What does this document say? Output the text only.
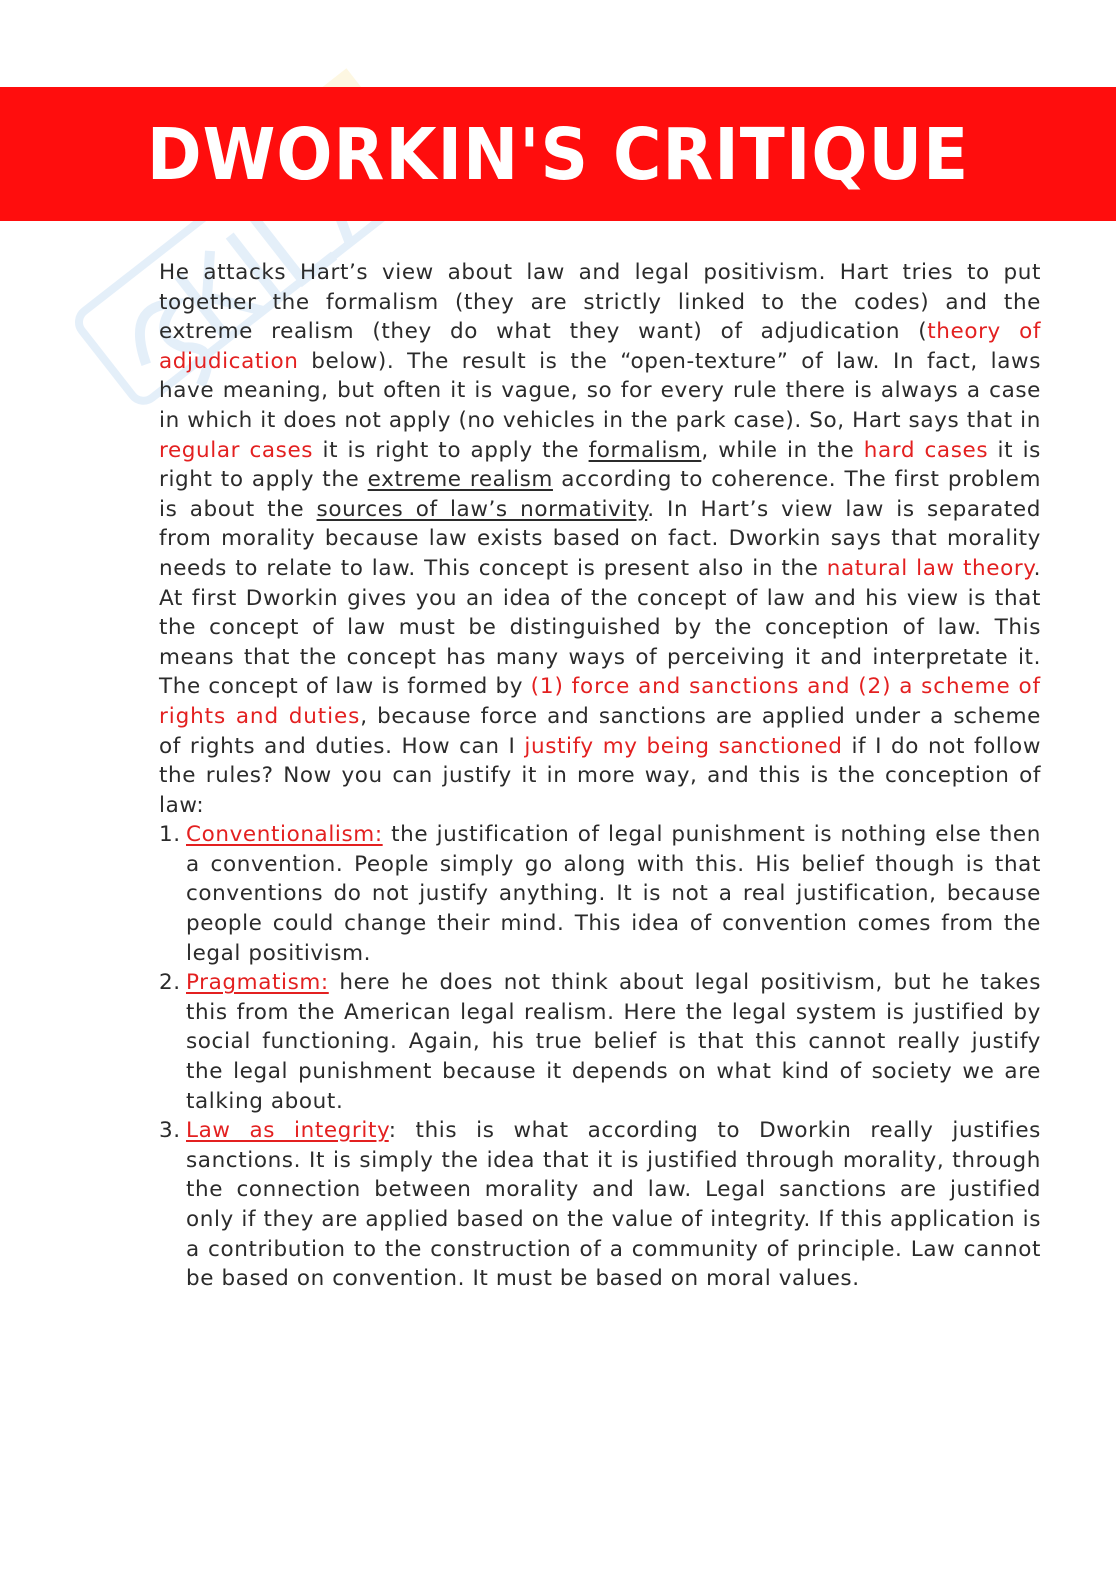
DWORKIN'S CRITIQUE

He attacks Hart’s view about law and legal positivism. Hart tries to put together the formalism (they are strictly linked to the codes) and the extreme realism (they do what they want) of adjudication (theory of adjudication below). The result is the “open-texture” of law. In fact, laws have meaning, but often it is vague, so for every rule there is always a case in which it does not apply (no vehicles in the park case). So, Hart says that in regular cases it is right to apply the formalism, while in the hard cases it is right to apply the extreme realism according to coherence. The first problem is about the sources of law’s normativity. In Hart’s view law is separated from morality because law exists based on fact. Dworkin says that morality needs to relate to law. This concept is present also in the natural law theory. At first Dworkin gives you an idea of the concept of law and his view is that the concept of law must be distinguished by the conception of law. This means that the concept has many ways of perceiving it and interpretate it. The concept of law is formed by (1) force and sanctions and (2) a scheme of rights and duties, because force and sanctions are applied under a scheme of rights and duties. How can I justify my being sanctioned if I do not follow the rules? Now you can justify it in more way, and this is the conception of law:

1. Conventionalism: the justification of legal punishment is nothing else then a convention. People simply go along with this. His belief though is that conventions do not justify anything. It is not a real justification, because people could change their mind. This idea of convention comes from the legal positivism.
2. Pragmatism: here he does not think about legal positivism, but he takes this from the American legal realism. Here the legal system is justified by social functioning. Again, his true belief is that this cannot really justify the legal punishment because it depends on what kind of society we are talking about.
3. Law as integrity: this is what according to Dworkin really justifies sanctions. It is simply the idea that it is justified through morality, through the connection between morality and law. Legal sanctions are justified only if they are applied based on the value of integrity. If this application is a contribution to the construction of a community of principle. Law cannot be based on convention. It must be based on moral values.
